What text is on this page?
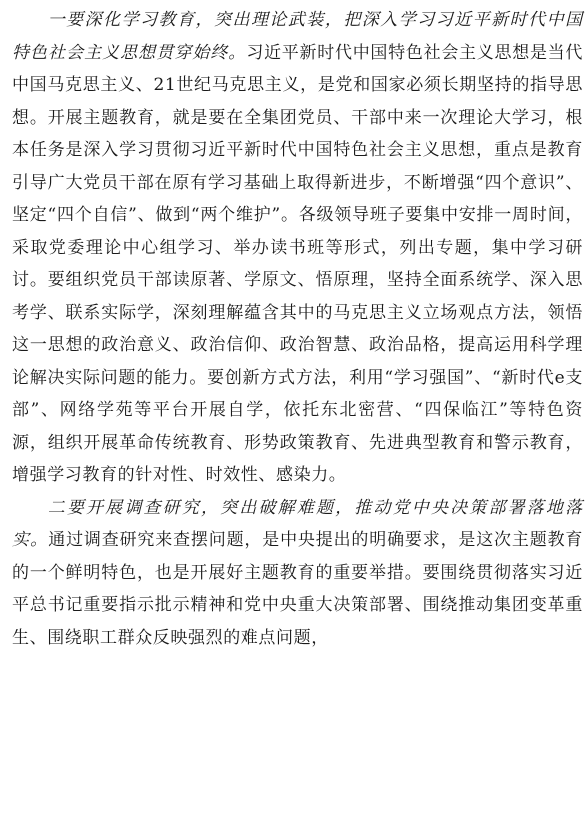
一要深化学习教育，突出理论武装，把深入学习习近平新时代中国特色社会主义思想贯穿始终。习近平新时代中国特色社会主义思想是当代中国马克思主义、21世纪马克思主义，是党和国家必须长期坚持的指导思想。开展主题教育，就是要在全集团党员、干部中来一次理论大学习，根本任务是深入学习贯彻习近平新时代中国特色社会主义思想，重点是教育引导广大党员干部在原有学习基础上取得新进步，不断增强“四个意识”、坚定“四个自信”、做到“两个维护”。各级领导班子要集中安排一周时间，采取党委理论中心组学习、举办读书班等形式，列出专题，集中学习研讨。要组织党员干部读原著、学原文、悟原理，坚持全面系统学、深入思考学、联系实际学，深刻理解蕴含其中的马克思主义立场观点方法，领悟这一思想的政治意义、政治信仰、政治智慧、政治品格，提高运用科学理论解决实际问题的能力。要创新方式方法，利用“学习强国”、“新时代e支部”、网络学苑等平台开展自学，依托东北密营、“四保临江”等特色资源，组织开展革命传统教育、形势政策教育、先进典型教育和警示教育，增强学习教育的针对性、时效性、感染力。

二要开展调查研究，突出破解难题，推动党中央决策部署落地落实。通过调查研究来查摆问题，是中央提出的明确要求，是这次主题教育的一个鲜明特色，也是开展好主题教育的重要举措。要围绕贯彻落实习近平总书记重要指示批示精神和党中央重大决策部署、围绕推动集团变革重生、围绕职工群众反映强烈的难点问题，
